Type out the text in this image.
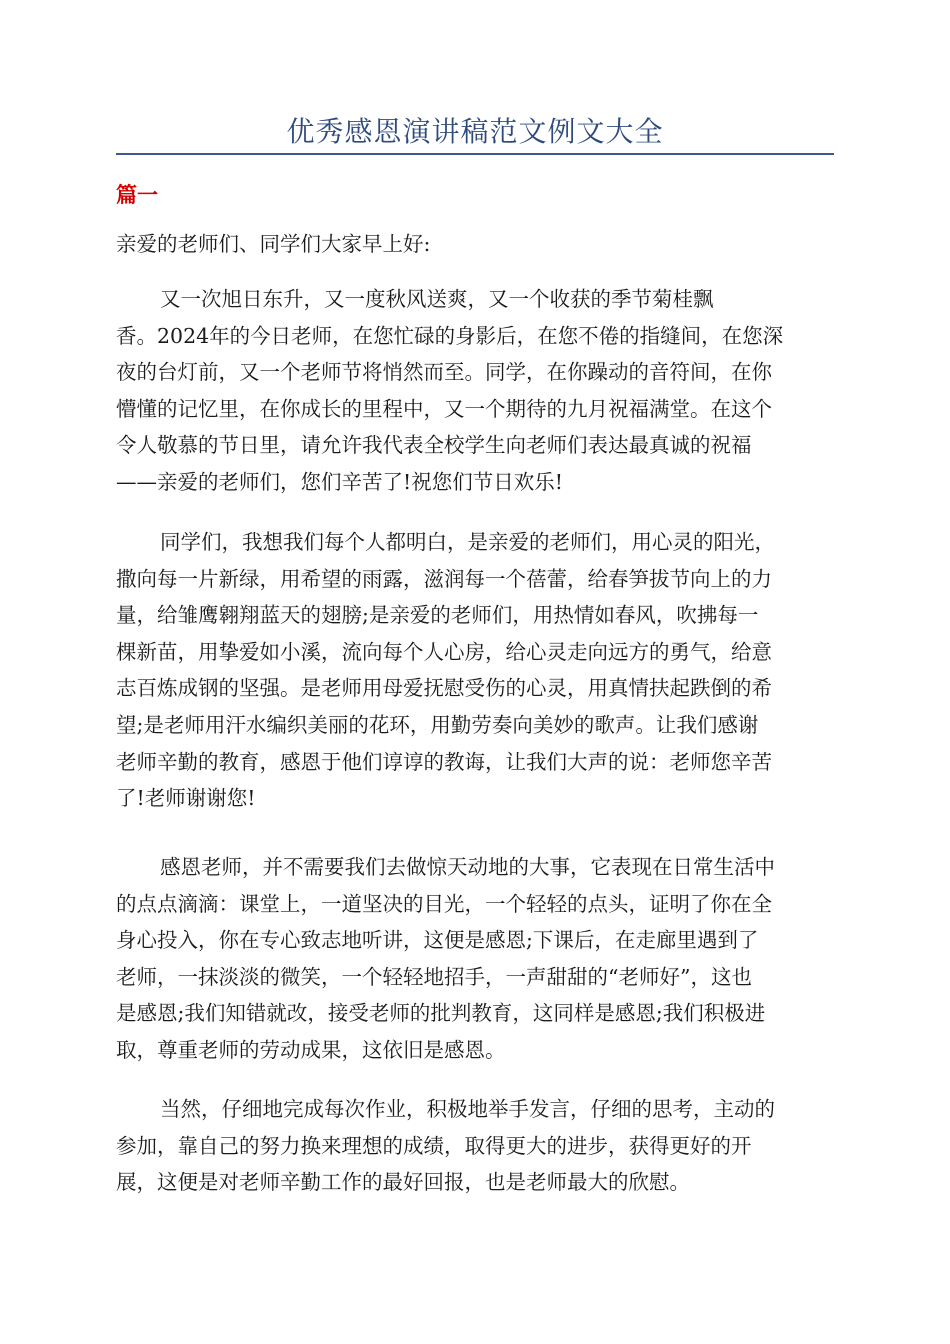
优秀感恩演讲稿范文例文大全
篇一

亲爱的老师们、同学们大家早上好:

又一次旭日东升，又一度秋风送爽，又一个收获的季节菊桂飘
香。2024年的今日老师，在您忙碌的身影后，在您不倦的指缝间，在您深
夜的台灯前，又一个老师节将悄然而至。同学，在你躁动的音符间，在你
懵懂的记忆里，在你成长的里程中，又一个期待的九月祝福满堂。在这个
令人敬慕的节日里，请允许我代表全校学生向老师们表达最真诚的祝福
——亲爱的老师们，您们辛苦了!祝您们节日欢乐!
同学们，我想我们每个人都明白，是亲爱的老师们，用心灵的阳光，
撒向每一片新绿，用希望的雨露，滋润每一个蓓蕾，给春笋拔节向上的力
量，给雏鹰翱翔蓝天的翅膀;是亲爱的老师们，用热情如春风，吹拂每一
棵新苗，用挚爱如小溪，流向每个人心房，给心灵走向远方的勇气，给意
志百炼成钢的坚强。是老师用母爱抚慰受伤的心灵，用真情扶起跌倒的希
望;是老师用汗水编织美丽的花环，用勤劳奏向美妙的歌声。让我们感谢
老师辛勤的教育，感恩于他们谆谆的教诲，让我们大声的说：老师您辛苦
了!老师谢谢您!
感恩老师，并不需要我们去做惊天动地的大事，它表现在日常生活中
的点点滴滴：课堂上，一道坚决的目光，一个轻轻的点头，证明了你在全
身心投入，你在专心致志地听讲，这便是感恩;下课后，在走廊里遇到了
老师，一抹淡淡的微笑，一个轻轻地招手，一声甜甜的“老师好”，这也
是感恩;我们知错就改，接受老师的批判教育，这同样是感恩;我们积极进
取，尊重老师的劳动成果，这依旧是感恩。
当然，仔细地完成每次作业，积极地举手发言，仔细的思考，主动的
参加，靠自己的努力换来理想的成绩，取得更大的进步，获得更好的开
展，这便是对老师辛勤工作的最好回报，也是老师最大的欣慰。
